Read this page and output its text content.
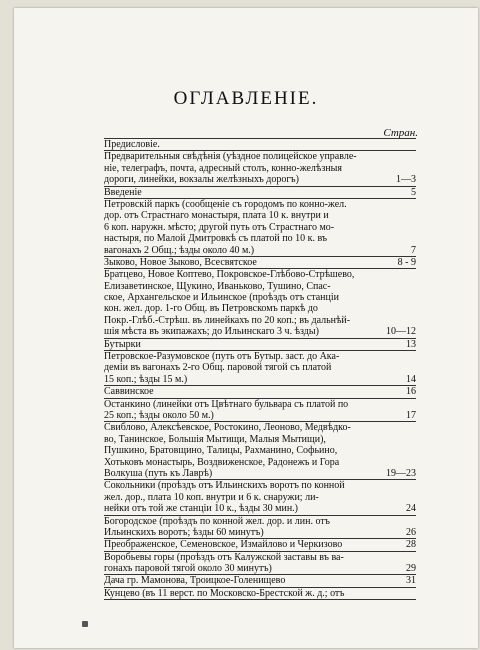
ОГЛАВЛЕНІЕ.
Стран.
Предисловіе.
Предварительныя свѣдѣнія (уѣздное полицейское управле-
ніе, телеграфъ, почта, адресный столъ, конно-желѣзныя
дороги, линейки, вокзалы желѣзныхъ дорогъ)	1—3
Введеніе	5
Петровскій паркъ (сообщеніе съ городомъ по конно-жел.
дор. отъ Страстнаго монастыря, плата 10 к. внутри и
6 коп. наружн. мѣсто; другой путь отъ Страстнаго мо-
настыря, по Малой Дмитровкѣ съ платой по 10 к. въ
вагонахъ 2 Общ.; ѣзды около 40 м.)	7
Зыково, Новое Зыково, Всесвятское	8 - 9
Братцево, Новое Коптево, Покровское-Глѣбово-Стрѣшево,
Елизаветинское, Щукино, Иваньково, Тушино, Спас-
ское, Архангельское и Ильинское (проѣздъ отъ станціи
кон. жел. дор. 1-го Общ. въ Петровскомъ паркѣ до
Покр.-Глѣб.-Стрѣш. въ линейкахъ по 20 коп.; въ дальнѣй-
шія мѣста въ экипажахъ; до Ильинскаго 3 ч. ѣзды)	10—12
Бутырки	13
Петровское-Разумовское (путь отъ Бутыр. заст. до Ака-
деміи въ вагонахъ 2-го Общ. паровой тягой съ платой
15 коп.; ѣзды 15 м.)	14
Саввинское	16
Останкино (линейки отъ Цвѣтнаго бульвара съ платой по
25 коп.; ѣзды около 50 м.)	17
Свиблово, Алексѣевское, Ростокино, Леоново, Медвѣдко-
во, Танинское, Большія Мытищи, Малыя Мытищи),
Пушкино, Братовщино, Талицы, Рахманино, Софьино,
Хотьковъ монастырь, Воздвиженское, Радонежъ и Гора
Волкуша (путь къ Лаврѣ)	19—23
Сокольники (проѣздъ отъ Ильинскихъ воротъ по конной
жел. дор., плата 10 коп. внутри и 6 к. снаружи; ли-
нейки отъ той же станціи 10 к., ѣзды 30 мин.)	24
Богородское (проѣздъ по конной жел. дор. и лин. отъ
Ильинскихъ воротъ; ѣзды 60 минутъ)	26
Преображенское, Семеновское, Измайлово и Черкизово	28
Воробьевы горы (проѣздъ отъ Калужской заставы въ ва-
гонахъ паровой тягой около 30 минутъ)	29
Дача гр. Мамонова, Троицкое-Голенищево	31
Кунцево (въ 11 верст. по Московско-Брестской ж. д.; отъ
